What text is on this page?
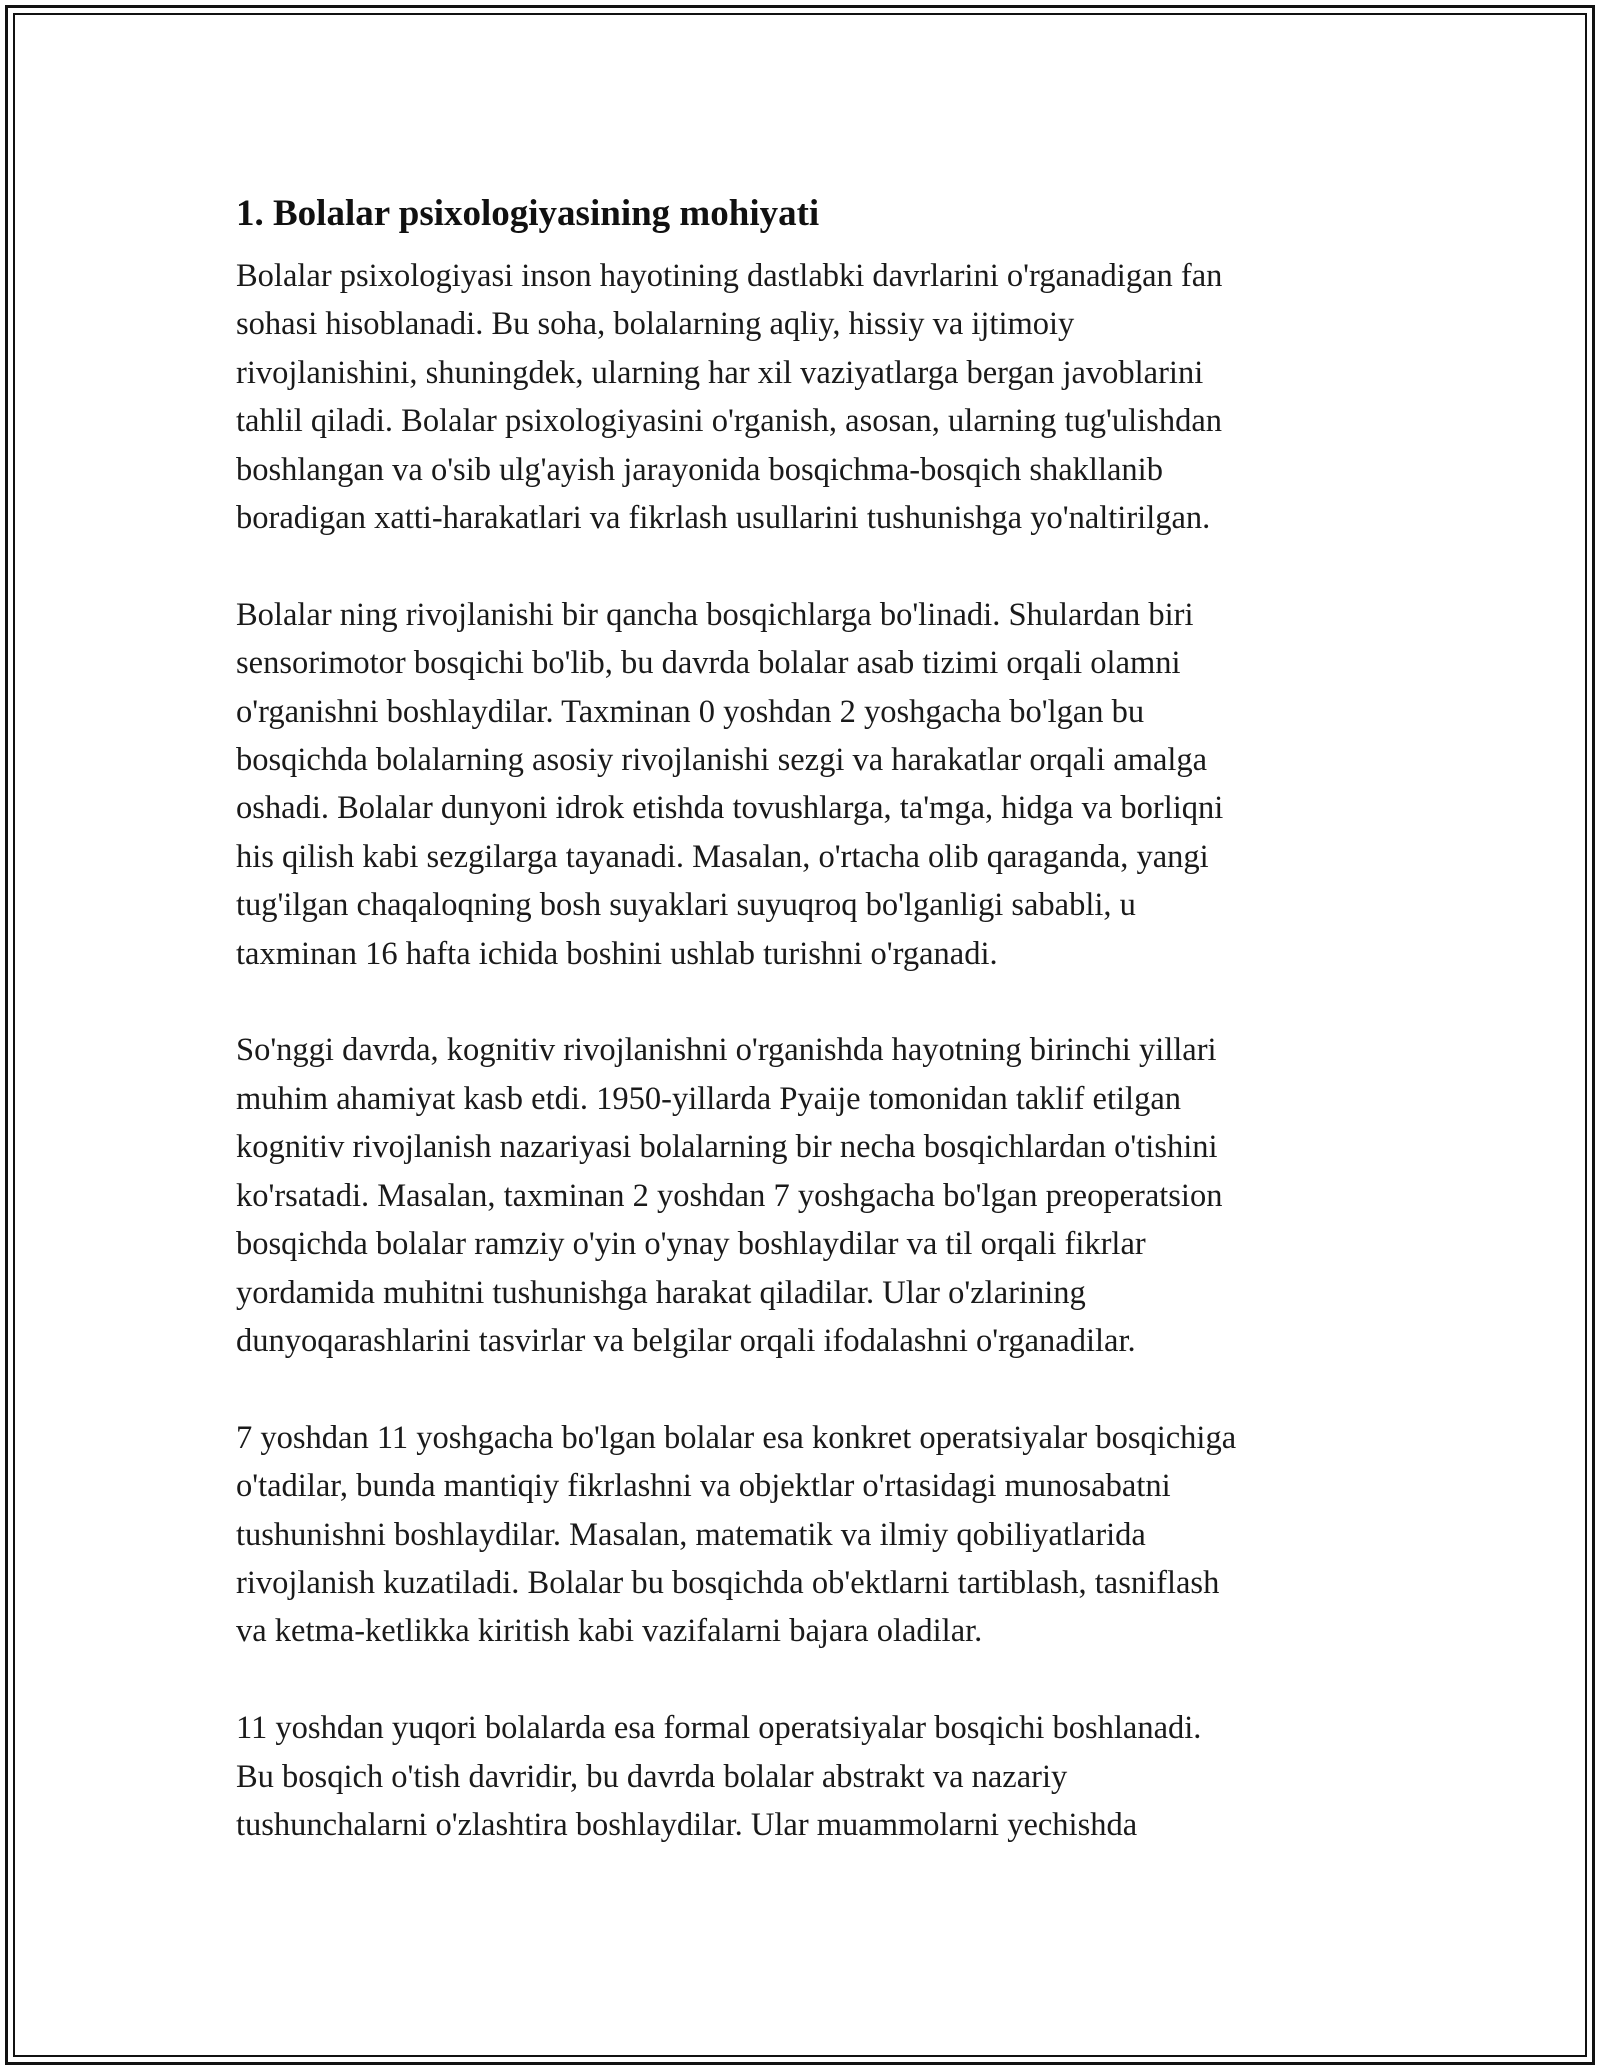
1. Bolalar psixologiyasining mohiyati

Bolalar psixologiyasi inson hayotining dastlabki davrlarini o'rganadigan fan
sohasi hisoblanadi. Bu soha, bolalarning aqliy, hissiy va ijtimoiy
rivojlanishini, shuningdek, ularning har xil vaziyatlarga bergan javoblarini
tahlil qiladi. Bolalar psixologiyasini o'rganish, asosan, ularning tug'ulishdan
boshlangan va o'sib ulg'ayish jarayonida bosqichma-bosqich shakllanib
boradigan xatti-harakatlari va fikrlash usullarini tushunishga yo'naltirilgan.

Bolalar ning rivojlanishi bir qancha bosqichlarga bo'linadi. Shulardan biri
sensorimotor bosqichi bo'lib, bu davrda bolalar asab tizimi orqali olamni
o'rganishni boshlaydilar. Taxminan 0 yoshdan 2 yoshgacha bo'lgan bu
bosqichda bolalarning asosiy rivojlanishi sezgi va harakatlar orqali amalga
oshadi. Bolalar dunyoni idrok etishda tovushlarga, ta'mga, hidga va borliqni
his qilish kabi sezgilarga tayanadi. Masalan, o'rtacha olib qaraganda, yangi
tug'ilgan chaqaloqning bosh suyaklari suyuqroq bo'lganligi sababli, u
taxminan 16 hafta ichida boshini ushlab turishni o'rganadi.

So'nggi davrda, kognitiv rivojlanishni o'rganishda hayotning birinchi yillari
muhim ahamiyat kasb etdi. 1950-yillarda Pyaije tomonidan taklif etilgan
kognitiv rivojlanish nazariyasi bolalarning bir necha bosqichlardan o'tishini
ko'rsatadi. Masalan, taxminan 2 yoshdan 7 yoshgacha bo'lgan preoperatsion
bosqichda bolalar ramziy o'yin o'ynay boshlaydilar va til orqali fikrlar
yordamida muhitni tushunishga harakat qiladilar. Ular o'zlarining
dunyoqarashlarini tasvirlar va belgilar orqali ifodalashni o'rganadilar.

7 yoshdan 11 yoshgacha bo'lgan bolalar esa konkret operatsiyalar bosqichiga
o'tadilar, bunda mantiqiy fikrlashni va objektlar o'rtasidagi munosabatni
tushunishni boshlaydilar. Masalan, matematik va ilmiy qobiliyatlarida
rivojlanish kuzatiladi. Bolalar bu bosqichda ob'ektlarni tartiblash, tasniflash
va ketma-ketlikka kiritish kabi vazifalarni bajara oladilar.

11 yoshdan yuqori bolalarda esa formal operatsiyalar bosqichi boshlanadi.
Bu bosqich o'tish davridir, bu davrda bolalar abstrakt va nazariy
tushunchalarni o'zlashtira boshlaydilar. Ular muammolarni yechishda
